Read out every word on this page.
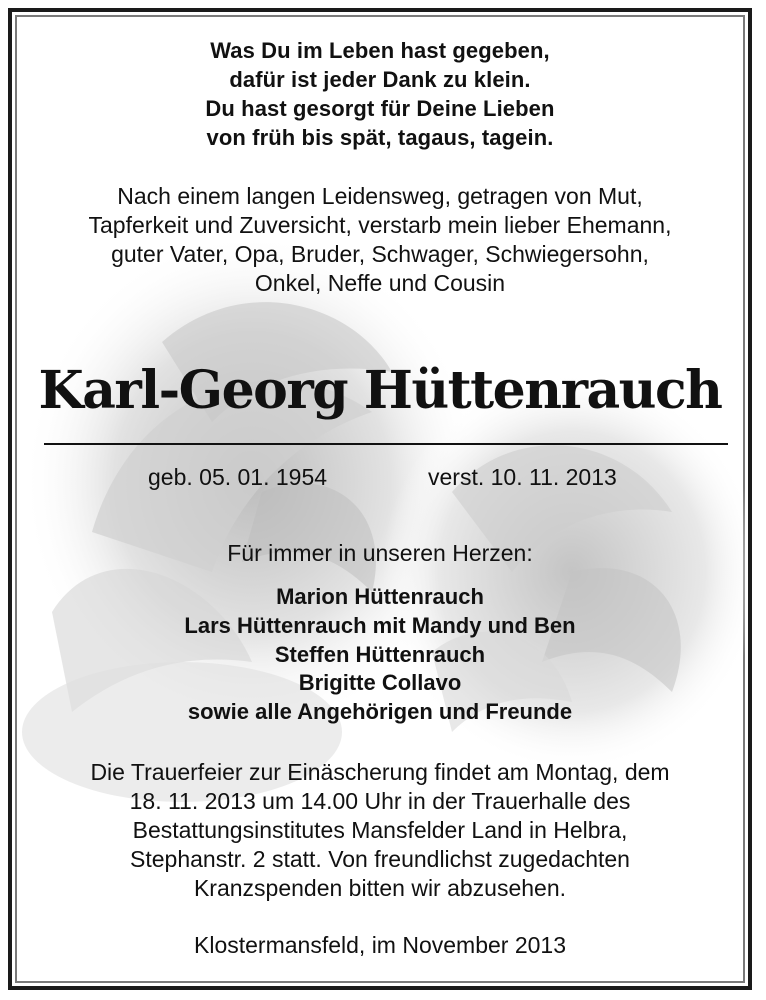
Was Du im Leben hast gegeben,
dafür ist jeder Dank zu klein.
Du hast gesorgt für Deine Lieben
von früh bis spät, tagaus, tagein.
Nach einem langen Leidensweg, getragen von Mut,
Tapferkeit und Zuversicht, verstarb mein lieber Ehemann,
guter Vater, Opa, Bruder, Schwager, Schwiegersohn,
Onkel, Neffe und Cousin
Karl-Georg Hüttenrauch
geb. 05. 01. 1954	verst. 10. 11. 2013
Für immer in unseren Herzen:
Marion Hüttenrauch
Lars Hüttenrauch mit Mandy und Ben
Steffen Hüttenrauch
Brigitte Collavo
sowie alle Angehörigen und Freunde
Die Trauerfeier zur Einäscherung findet am Montag, dem
18. 11. 2013 um 14.00 Uhr in der Trauerhalle des
Bestattungsinstitutes Mansfelder Land in Helbra,
Stephanstr. 2 statt. Von freundlichst zugedachten
Kranzspenden bitten wir abzusehen.
Klostermansfeld, im November 2013
